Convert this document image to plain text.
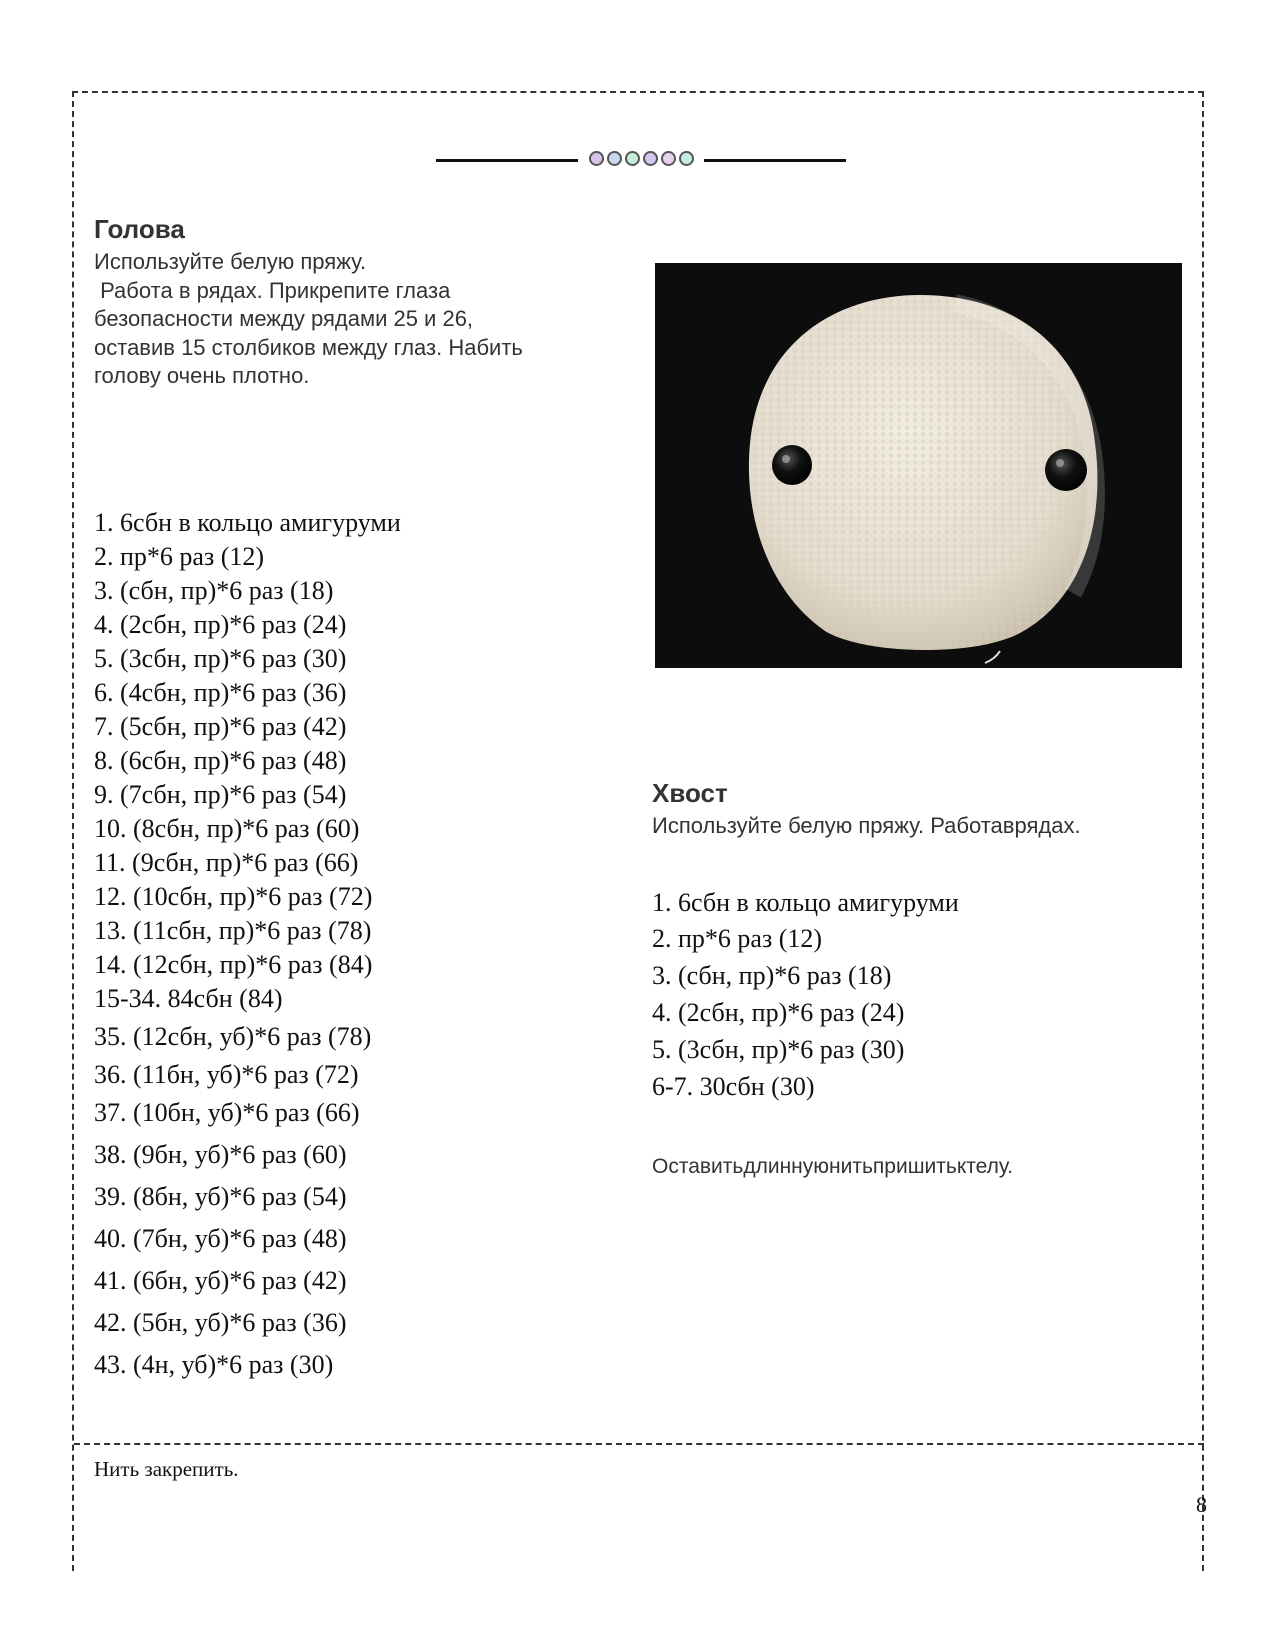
Голова
Используйте белую пряжу.
Работа в рядах. Прикрепите глаза
безопасности между рядами 25 и 26,
оставив 15 столбиков между глаз. Набить
голову очень плотно.
1. 6сбн в кольцо амигуруми
2. пр*6 раз (12)
3. (сбн, пр)*6 раз (18)
4. (2сбн, пр)*6 раз (24)
5. (3сбн, пр)*6 раз (30)
6. (4сбн, пр)*6 раз (36)
7. (5сбн, пр)*6 раз (42)
8. (6сбн, пр)*6 раз (48)
9. (7сбн, пр)*6 раз (54)
10. (8сбн, пр)*6 раз (60)
11. (9сбн, пр)*6 раз (66)
12. (10сбн, пр)*6 раз (72)
13. (11сбн, пр)*6 раз (78)
14. (12сбн, пр)*6 раз (84)
15-34. 84сбн (84)
35. (12сбн, уб)*6 раз (78)
36. (11бн, уб)*6 раз (72)
37. (10бн, уб)*6 раз (66)
38. (9бн, уб)*6 раз (60)
39. (8бн, уб)*6 раз (54)
40. (7бн, уб)*6 раз (48)
41. (6бн, уб)*6 раз (42)
42. (5бн, уб)*6 раз (36)
43. (4н, уб)*6 раз (30)
Хвост
Используйте белую пряжу. Работаврядах.
1. 6сбн в кольцо амигуруми
2. пр*6 раз (12)
3. (сбн, пр)*6 раз (18)
4. (2сбн, пр)*6 раз (24)
5. (3сбн, пр)*6 раз (30)
6-7. 30сбн (30)
Оставитьдлиннуюнитьпришитьктелу.
Нить закрепить.
8
